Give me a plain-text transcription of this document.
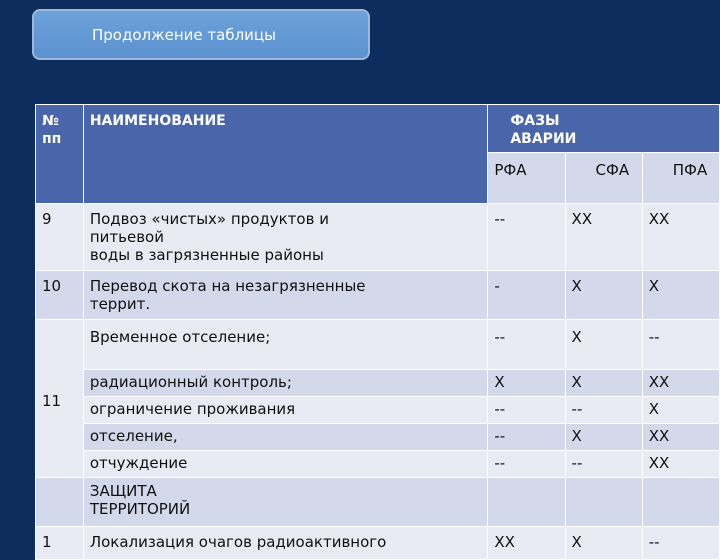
Продолжение таблицы
№
пп	НАИМЕНОВАНИЕ	ФАЗЫ
АВАРИИ		
		РФА	СФА	ПФА
9	Подвоз «чистых» продуктов и
питьевой
воды в загрязненные районы	--	ХХ	ХХ
10	Перевод скота на незагрязненные
террит.	-	Х	Х
11	Временное отселение;	--	Х	--
	радиационный контроль;	Х	Х	ХХ
	ограничение проживания	--	--	Х
	отселение,	--	Х	ХХ
	отчуждение	--	--	ХХ
	ЗАЩИТА
ТЕРРИТОРИЙ			
1	Локализация очагов радиоактивного	ХХ	Х	--
